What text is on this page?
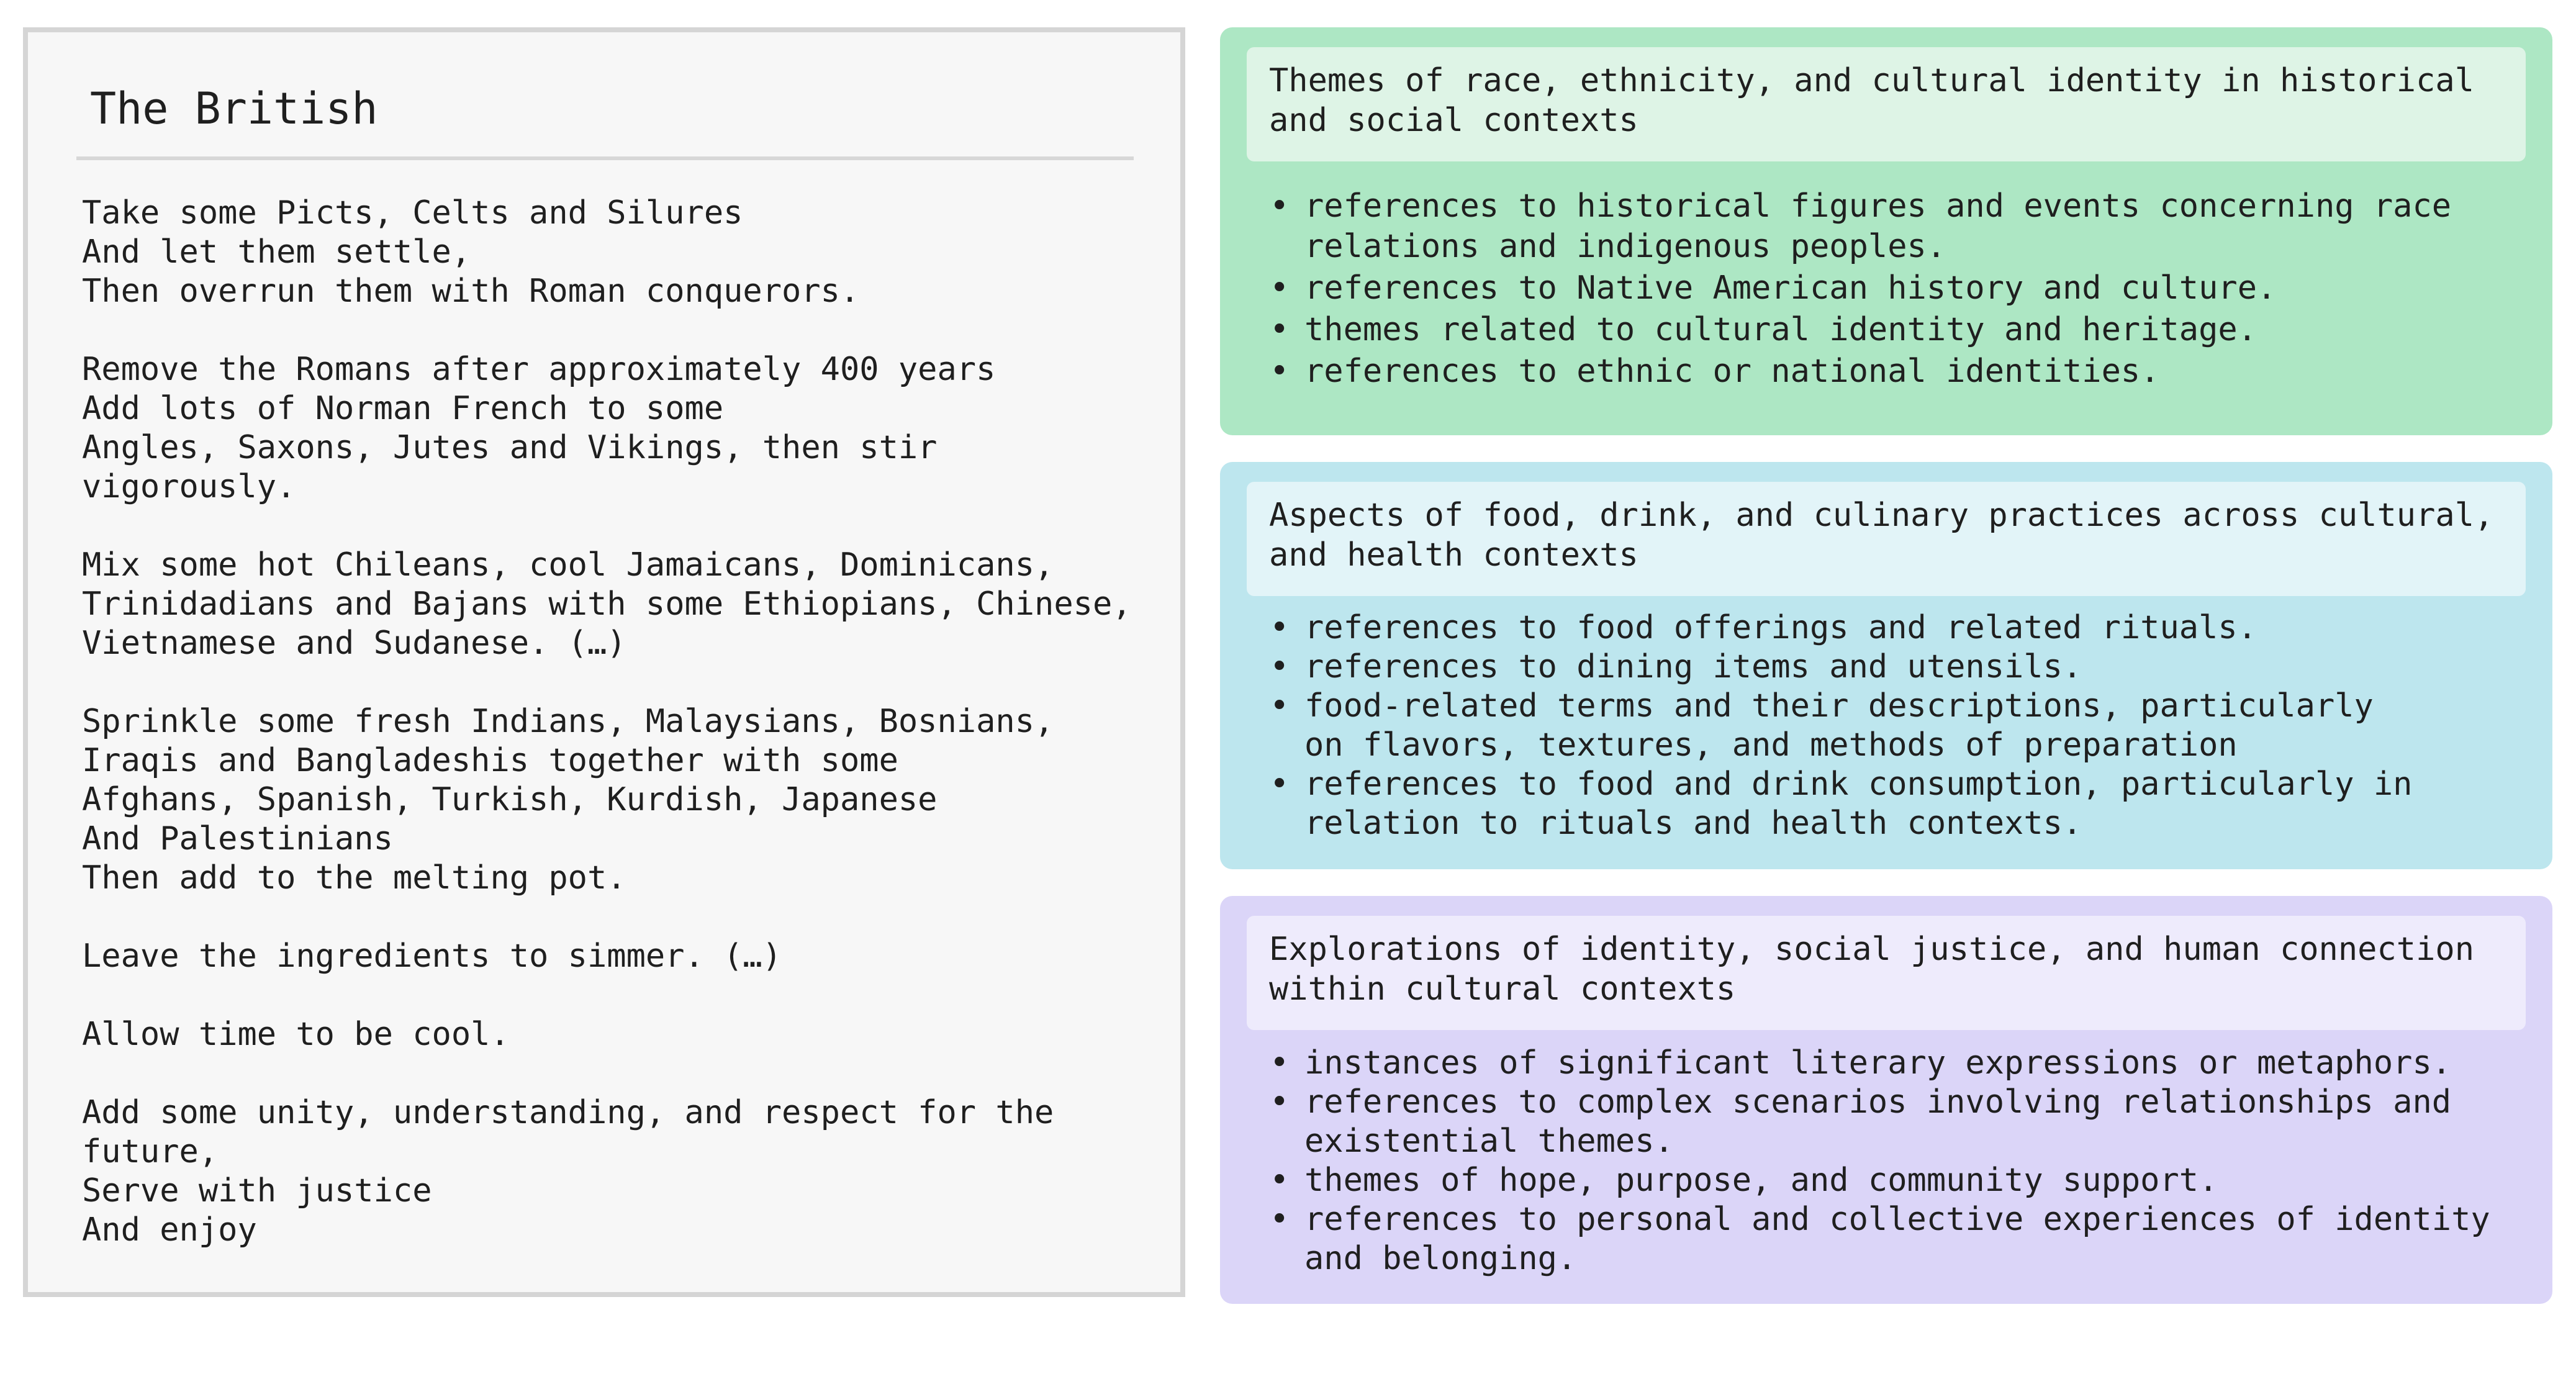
The British
Take some Picts, Celts and Silures
And let them settle,
Then overrun them with Roman conquerors.
Remove the Romans after approximately 400 years
Add lots of Norman French to some
Angles, Saxons, Jutes and Vikings, then stir
vigorously.
Mix some hot Chileans, cool Jamaicans, Dominicans,
Trinidadians and Bajans with some Ethiopians, Chinese,
Vietnamese and Sudanese. (…)
Sprinkle some fresh Indians, Malaysians, Bosnians,
Iraqis and Bangladeshis together with some
Afghans, Spanish, Turkish, Kurdish, Japanese
And Palestinians
Then add to the melting pot.
Leave the ingredients to simmer. (…)
Allow time to be cool.
Add some unity, understanding, and respect for the
future,
Serve with justice
And enjoy
Themes of race, ethnicity, and cultural identity in historical
and social contexts
• references to historical figures and events concerning race
relations and indigenous peoples.
• references to Native American history and culture.
• themes related to cultural identity and heritage.
• references to ethnic or national identities.
Aspects of food, drink, and culinary practices across cultural,
and health contexts
• references to food offerings and related rituals.
• references to dining items and utensils.
• food-related terms and their descriptions, particularly
on flavors, textures, and methods of preparation
• references to food and drink consumption, particularly in
relation to rituals and health contexts.
Explorations of identity, social justice, and human connection
within cultural contexts
• instances of significant literary expressions or metaphors.
• references to complex scenarios involving relationships and
existential themes.
• themes of hope, purpose, and community support.
• references to personal and collective experiences of identity
and belonging.
